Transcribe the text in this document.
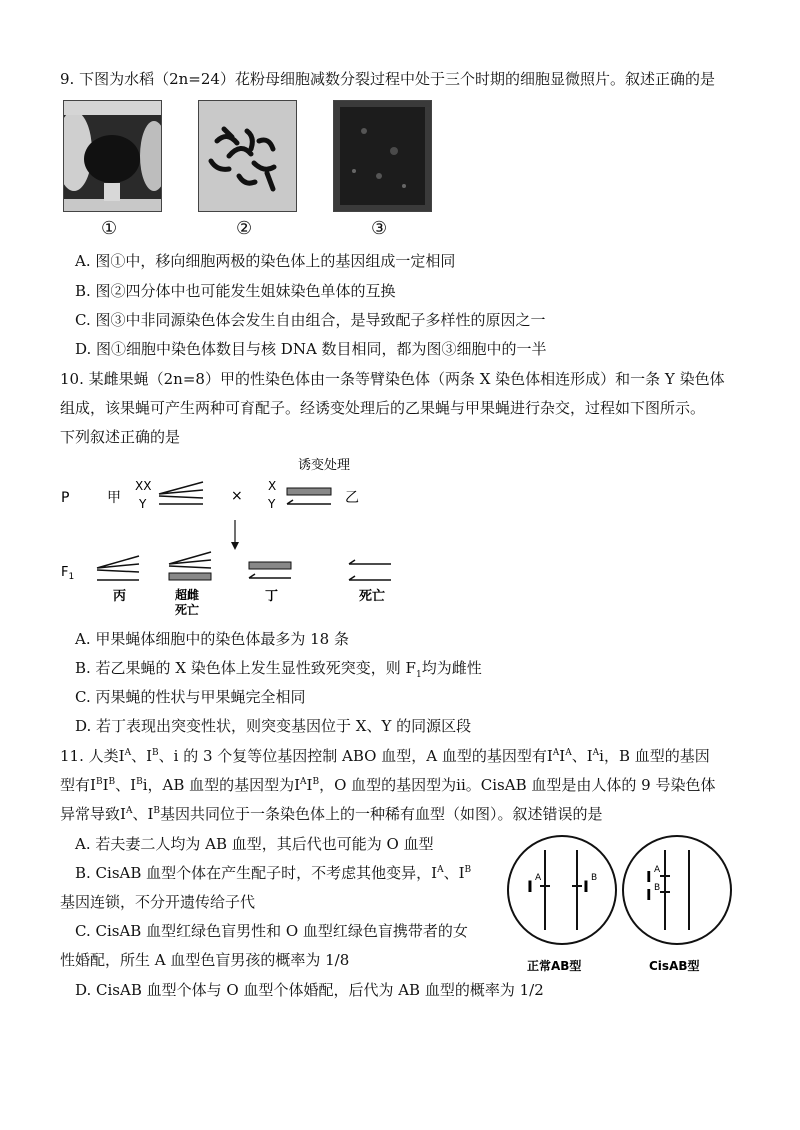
9. 下图为水稻（2n=24）花粉母细胞减数分裂过程中处于三个时期的细胞显微照片。叙述正确的是
①	②	③
A. 图①中，移向细胞两极的染色体上的基因组成一定相同
B. 图②四分体中也可能发生姐妹染色单体的互换
C. 图③中非同源染色体会发生自由组合，是导致配子多样性的原因之一
D. 图①细胞中染色体数目与核 DNA 数目相同，都为图③细胞中的一半
10. 某雌果蝇（2n=8）甲的性染色体由一条等臂染色体（两条 X 染色体相连形成）和一条 Y 染色体
组成，该果蝇可产生两种可育配子。经诱变处理后的乙果蝇与甲果蝇进行杂交，过程如下图所示。
下列叙述正确的是
P	甲
XX
Y	×
X
Y
诱变处理
乙
$F_1$
丙	超雌
死亡
丁	死亡
A. 甲果蝇体细胞中的染色体最多为 18 条
B. 若乙果蝇的 X 染色体上发生显性致死突变，则 $F_1$均为雌性
C. 丙果蝇的性状与甲果蝇完全相同
D. 若丁表现出突变性状，则突变基因位于 X、Y 的同源区段
11. 人类$I^A$、$I^B$、i 的 3 个复等位基因控制 ABO 血型，A 血型的基因型有$I^AI^A$、$I^Ai$，B 血型的基因
型有$I^BI^B$、$I^Bi$，AB 血型的基因型为$I^AI^B$，O 血型的基因型为ii。CisAB 血型是由人体的 9 号染色体
异常导致$I^A$、$I^B$基因共同位于一条染色体上的一种稀有血型（如图）。叙述错误的是
A. 若夫妻二人均为 AB 血型，其后代也可能为 O 血型
B. CisAB 血型个体在产生配子时，不考虑其他变异，$I^A$、$I^B$
基因连锁，不分开遗传给子代
C. CisAB 血型红绿色盲男性和 O 血型红绿色盲携带者的女
性婚配，所生 A 血型色盲男孩的概率为 1/8
D. CisAB 血型个体与 O 血型个体婚配，后代为 AB 血型的概率为 1/2
I A	I B
正常AB型
I A
I B
CisAB型
